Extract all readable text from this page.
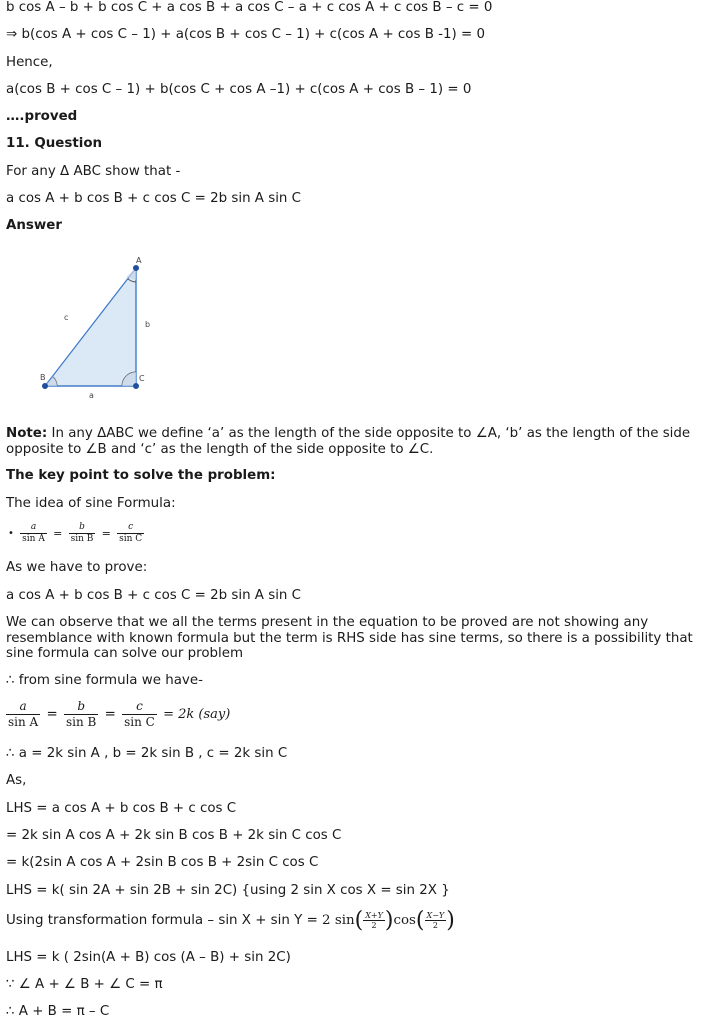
b cos A – b + b cos C + a cos B + a cos C – a + c cos A + c cos B – c = 0
⇒ b(cos A + cos C – 1) + a(cos B + cos C – 1) + c(cos A + cos B -1) = 0
Hence,
a(cos B + cos C – 1) + b(cos C + cos A –1) + c(cos A + cos B – 1) = 0
….proved
11. Question
For any Δ ABC show that -
a cos A + b cos B + c cos C = 2b sin A sin C
Answer
A
B	C
c
b
a
Note: In any ΔABC we define ‘a’ as the length of the side opposite to ∠A, ‘b’ as the length of the side opposite to ∠B and ‘c’ as the length of the side opposite to ∠C.
The key point to solve the problem:
The idea of sine Formula:
• $\frac{a}{\text{sin A}} = \frac{b}{\text{sin B}} = \frac{c}{\text{sin C}}$
As we have to prove:
a cos A + b cos B + c cos C = 2b sin A sin C
We can observe that we all the terms present in the equation to be proved are not showing any resemblance with known formula but the term is RHS side has sine terms, so there is a possibility that sine formula can solve our problem
∴ from sine formula we have-
$\frac{a}{\text{sin A}} = \frac{b}{\text{sin B}} = \frac{c}{\text{sin C}} = 2k$ (say)
∴ a = 2k sin A , b = 2k sin B , c = 2k sin C
As,
LHS = a cos A + b cos B + c cos C
= 2k sin A cos A + 2k sin B cos B + 2k sin C cos C
= k(2sin A cos A + 2sin B cos B + 2sin C cos C
LHS = k( sin 2A + sin 2B + sin 2C) {using 2 sin X cos X = sin 2X }
Using transformation formula – sin X + sin Y = 2 $\sin( \frac{X+Y}{2} )\cos( \frac{X-Y}{2}$ )
LHS = k ( 2sin(A + B) cos (A – B) + sin 2C)
∵ ∠ A + ∠ B + ∠ C = π
∴ A + B = π – C
